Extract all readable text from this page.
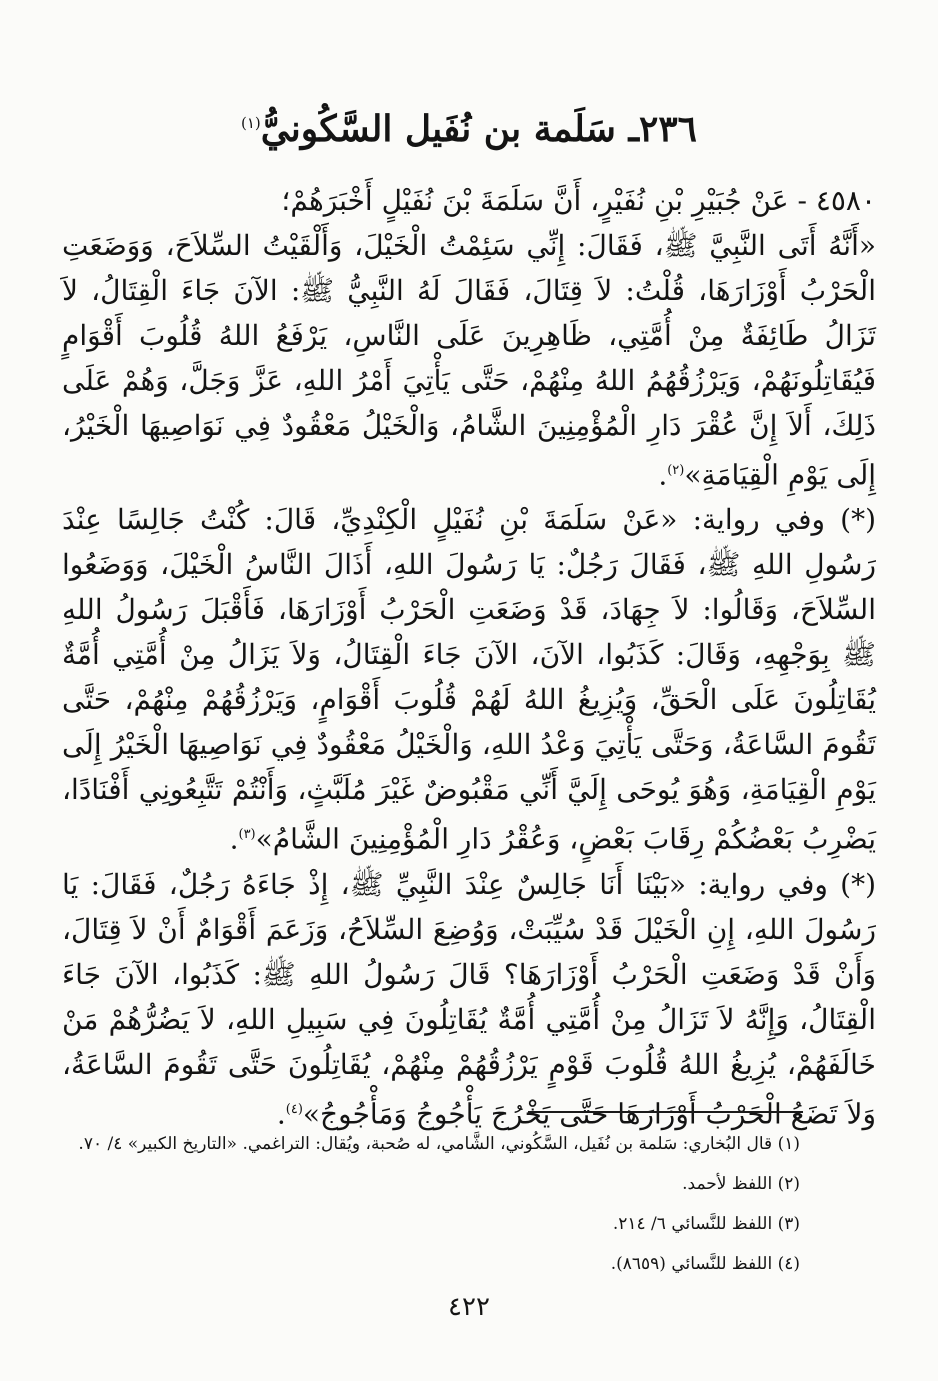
٢٣٦ـ سَلَمة بن نُفَيل السَّكُونيُّ$^{(١)}$

٤٥٨٠ - عَنْ جُبَيْرِ بْنِ نُفَيْرٍ، أَنَّ سَلَمَةَ بْنَ نُفَيْلٍ أَخْبَرَهُمْ؛

«أَنَّهُ أَتَى النَّبِيَّ ﷺ، فَقَالَ: إِنِّي سَئِمْتُ الْخَيْلَ، وَأَلْقَيْتُ السِّلاَحَ، وَوَضَعَتِ الْحَرْبُ أَوْزَارَهَا، قُلْتُ: لاَ قِتَالَ، فَقَالَ لَهُ النَّبِيُّ ﷺ: الآنَ جَاءَ الْقِتَالُ، لاَ تَزَالُ طَائِفَةٌ مِنْ أُمَّتِي، ظَاهِرِينَ عَلَى النَّاسِ، يَرْفَعُ اللهُ قُلُوبَ أَقْوَامٍ فَيُقَاتِلُونَهُمْ، وَيَرْزُقُهُمُ اللهُ مِنْهُمْ، حَتَّى يَأْتِيَ أَمْرُ اللهِ، عَزَّ وَجَلَّ، وَهُمْ عَلَى ذَلِكَ، أَلاَ إِنَّ عُقْرَ دَارِ الْمُؤْمِنِينَ الشَّامُ، وَالْخَيْلُ مَعْقُودٌ فِي نَوَاصِيهَا الْخَيْرُ، إِلَى يَوْمِ الْقِيَامَةِ»$^{(٢)}$.

(*) وفي رواية: «عَنْ سَلَمَةَ بْنِ نُفَيْلٍ الْكِنْدِيِّ، قَالَ: كُنْتُ جَالِسًا عِنْدَ رَسُولِ اللهِ ﷺ، فَقَالَ رَجُلٌ: يَا رَسُولَ اللهِ، أَذَالَ النَّاسُ الْخَيْلَ، وَوَضَعُوا السِّلاَحَ، وَقَالُوا: لاَ جِهَادَ، قَدْ وَضَعَتِ الْحَرْبُ أَوْزَارَهَا، فَأَقْبَلَ رَسُولُ اللهِ ﷺ بِوَجْهِهِ، وَقَالَ: كَذَبُوا، الآنَ، الآنَ جَاءَ الْقِتَالُ، وَلاَ يَزَالُ مِنْ أُمَّتِي أُمَّةٌ يُقَاتِلُونَ عَلَى الْحَقِّ، وَيُزِيغُ اللهُ لَهُمْ قُلُوبَ أَقْوَامٍ، وَيَرْزُقُهُمْ مِنْهُمْ، حَتَّى تَقُومَ السَّاعَةُ، وَحَتَّى يَأْتِيَ وَعْدُ اللهِ، وَالْخَيْلُ مَعْقُودٌ فِي نَوَاصِيهَا الْخَيْرُ إِلَى يَوْمِ الْقِيَامَةِ، وَهُوَ يُوحَى إِلَيَّ أَنِّي مَقْبُوضٌ غَيْرَ مُلَبَّثٍ، وَأَنْتُمْ تَتَّبِعُونِي أَفْنَادًا، يَضْرِبُ بَعْضُكُمْ رِقَابَ بَعْضٍ، وَعُقْرُ دَارِ الْمُؤْمِنِينَ الشَّامُ»$^{(٣)}$.

(*) وفي رواية: «بَيْنَا أَنَا جَالِسٌ عِنْدَ النَّبِيِّ ﷺ، إِذْ جَاءَهُ رَجُلٌ، فَقَالَ: يَا رَسُولَ اللهِ، إِنِ الْخَيْلَ قَدْ سُيِّبَتْ، وَوُضِعَ السِّلاَحُ، وَزَعَمَ أَقْوَامٌ أَنْ لاَ قِتَالَ، وَأَنْ قَدْ وَضَعَتِ الْحَرْبُ أَوْزَارَهَا؟ قَالَ رَسُولُ اللهِ ﷺ: كَذَبُوا، الآنَ جَاءَ الْقِتَالُ، وَإِنَّهُ لاَ تَزَالُ مِنْ أُمَّتِي أُمَّةٌ يُقَاتِلُونَ فِي سَبِيلِ اللهِ، لاَ يَضُرُّهُمْ مَنْ خَالَفَهُمْ، يُزِيغُ اللهُ قُلُوبَ قَوْمٍ يَرْزُقُهُمْ مِنْهُمْ، يُقَاتِلُونَ حَتَّى تَقُومَ السَّاعَةُ، وَلاَ تَضَعُ الْحَرْبُ أَوْزَارَهَا حَتَّى يَخْرُجَ يَأْجُوجُ وَمَأْجُوجُ»$^{(٤)}$.

(١) قال البُخاري: سَلمة بن نُفَيل، السَّكُوني، الشَّامي، له صُحبة، ويُقال: التراغمي. «التاريخ الكبير» ٤/ ٧٠.
(٢) اللفظ لأحمد.
(٣) اللفظ للنَّسائي ٦/ ٢١٤.
(٤) اللفظ للنَّسائي (٨٦٥٩).
٤٢٢
